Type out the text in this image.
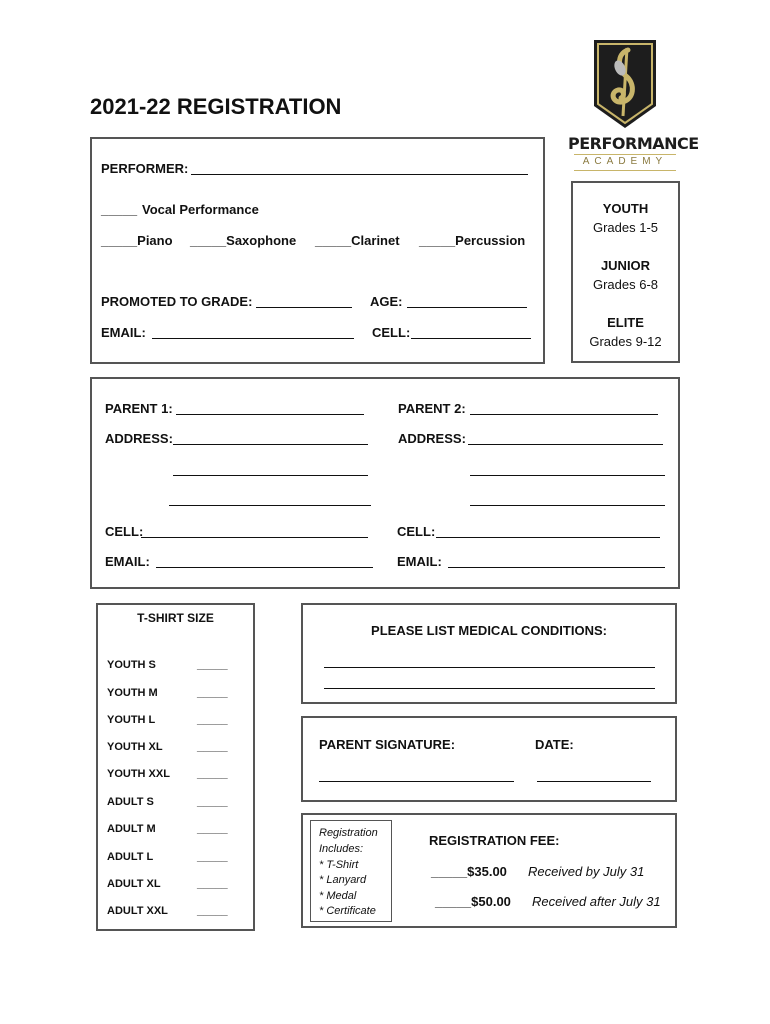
2021-22 REGISTRATION
PERFORMANCE
ACADEMY
PERFORMER:
_____ Vocal Performance
_____Piano _____Saxophone _____Clarinet _____Percussion
PROMOTED TO GRADE:	AGE:
EMAIL:	CELL:
YOUTH
Grades 1-5
JUNIOR
Grades 6-8
ELITE
Grades 9-12
PARENT 1:	PARENT 2:
ADDRESS:	ADDRESS:
CELL:	CELL:
EMAIL:	EMAIL:
T-SHIRT SIZE
YOUTH S	_____
YOUTH M	_____
YOUTH L	_____
YOUTH XL	_____
YOUTH XXL _____
ADULT S	_____
ADULT M	_____
ADULT L	_____
ADULT XL	_____
ADULT XXL	_____
PLEASE LIST MEDICAL CONDITIONS:
PARENT SIGNATURE:	DATE:
Registration
Includes:
* T-Shirt
* Lanyard
* Medal
* Certificate
REGISTRATION FEE:
_____$35.00 Received by July 31
_____$50.00 Received after July 31
